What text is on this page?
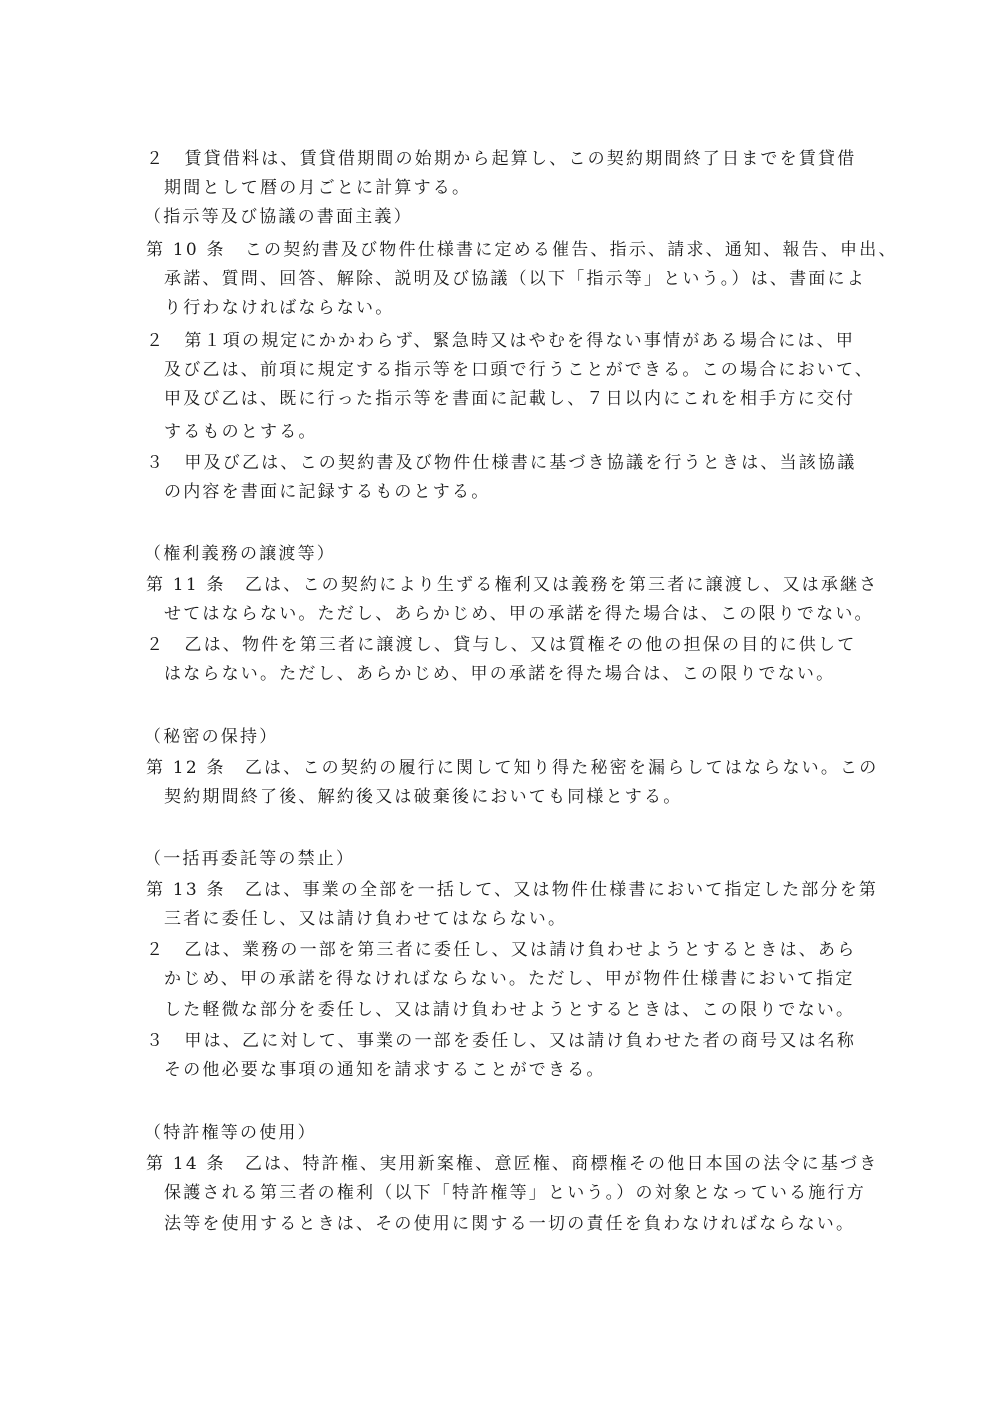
２　賃貸借料は、賃貸借期間の始期から起算し、この契約期間終了日までを賃貸借
期間として暦の月ごとに計算する。
（指示等及び協議の書面主義）
第 10 条　この契約書及び物件仕様書に定める催告、指示、請求、通知、報告、申出、
承諾、質問、回答、解除、説明及び協議（以下「指示等」という。）は、書面によ
り行わなければならない。
２　第１項の規定にかかわらず、緊急時又はやむを得ない事情がある場合には、甲
及び乙は、前項に規定する指示等を口頭で行うことができる。この場合において、
甲及び乙は、既に行った指示等を書面に記載し、７日以内にこれを相手方に交付
するものとする。
３　甲及び乙は、この契約書及び物件仕様書に基づき協議を行うときは、当該協議
の内容を書面に記録するものとする。
（権利義務の譲渡等）
第 11 条　乙は、この契約により生ずる権利又は義務を第三者に譲渡し、又は承継さ
せてはならない。ただし、あらかじめ、甲の承諾を得た場合は、この限りでない。
２　乙は、物件を第三者に譲渡し、貸与し、又は質権その他の担保の目的に供して
はならない。ただし、あらかじめ、甲の承諾を得た場合は、この限りでない。
（秘密の保持）
第 12 条　乙は、この契約の履行に関して知り得た秘密を漏らしてはならない。この
契約期間終了後、解約後又は破棄後においても同様とする。
（一括再委託等の禁止）
第 13 条　乙は、事業の全部を一括して、又は物件仕様書において指定した部分を第
三者に委任し、又は請け負わせてはならない。
２　乙は、業務の一部を第三者に委任し、又は請け負わせようとするときは、あら
かじめ、甲の承諾を得なければならない。ただし、甲が物件仕様書において指定
した軽微な部分を委任し、又は請け負わせようとするときは、この限りでない。
３　甲は、乙に対して、事業の一部を委任し、又は請け負わせた者の商号又は名称
その他必要な事項の通知を請求することができる。
（特許権等の使用）
第 14 条　乙は、特許権、実用新案権、意匠権、商標権その他日本国の法令に基づき
保護される第三者の権利（以下「特許権等」という。）の対象となっている施行方
法等を使用するときは、その使用に関する一切の責任を負わなければならない。
